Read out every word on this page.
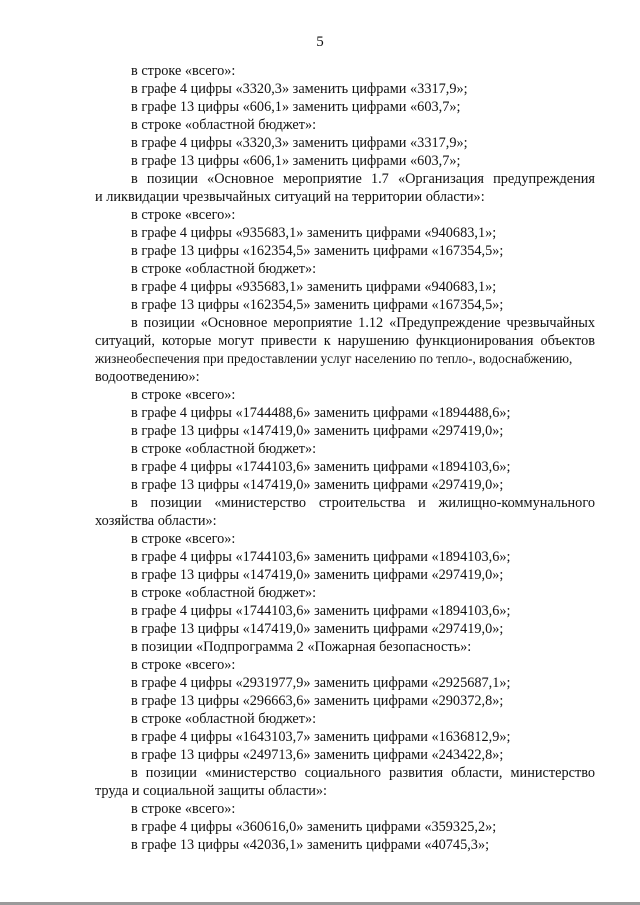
5
в строке «всего»:
в графе 4 цифры «3320,3» заменить цифрами «3317,9»;
в графе 13 цифры «606,1» заменить цифрами «603,7»;
в строке «областной бюджет»:
в графе 4 цифры «3320,3» заменить цифрами «3317,9»;
в графе 13 цифры «606,1» заменить цифрами «603,7»;
в позиции «Основное мероприятие 1.7 «Организация предупреждения
и ликвидации чрезвычайных ситуаций на территории области»:
в строке «всего»:
в графе 4 цифры «935683,1» заменить цифрами «940683,1»;
в графе 13 цифры «162354,5» заменить цифрами «167354,5»;
в строке «областной бюджет»:
в графе 4 цифры «935683,1» заменить цифрами «940683,1»;
в графе 13 цифры «162354,5» заменить цифрами «167354,5»;
в позиции «Основное мероприятие 1.12 «Предупреждение чрезвычайных
ситуаций, которые могут привести к нарушению функционирования объектов
жизнеобеспечения при предоставлении услуг населению по тепло-, водоснабжению,
водоотведению»:
в строке «всего»:
в графе 4 цифры «1744488,6» заменить цифрами «1894488,6»;
в графе 13 цифры «147419,0» заменить цифрами «297419,0»;
в строке «областной бюджет»:
в графе 4 цифры «1744103,6» заменить цифрами «1894103,6»;
в графе 13 цифры «147419,0» заменить цифрами «297419,0»;
в позиции «министерство строительства и жилищно-коммунального
хозяйства области»:
в строке «всего»:
в графе 4 цифры «1744103,6» заменить цифрами «1894103,6»;
в графе 13 цифры «147419,0» заменить цифрами «297419,0»;
в строке «областной бюджет»:
в графе 4 цифры «1744103,6» заменить цифрами «1894103,6»;
в графе 13 цифры «147419,0» заменить цифрами «297419,0»;
в позиции «Подпрограмма 2 «Пожарная безопасность»:
в строке «всего»:
в графе 4 цифры «2931977,9» заменить цифрами «2925687,1»;
в графе 13 цифры «296663,6» заменить цифрами «290372,8»;
в строке «областной бюджет»:
в графе 4 цифры «1643103,7» заменить цифрами «1636812,9»;
в графе 13 цифры «249713,6» заменить цифрами «243422,8»;
в позиции «министерство социального развития области, министерство
труда и социальной защиты области»:
в строке «всего»:
в графе 4 цифры «360616,0» заменить цифрами «359325,2»;
в графе 13 цифры «42036,1» заменить цифрами «40745,3»;
